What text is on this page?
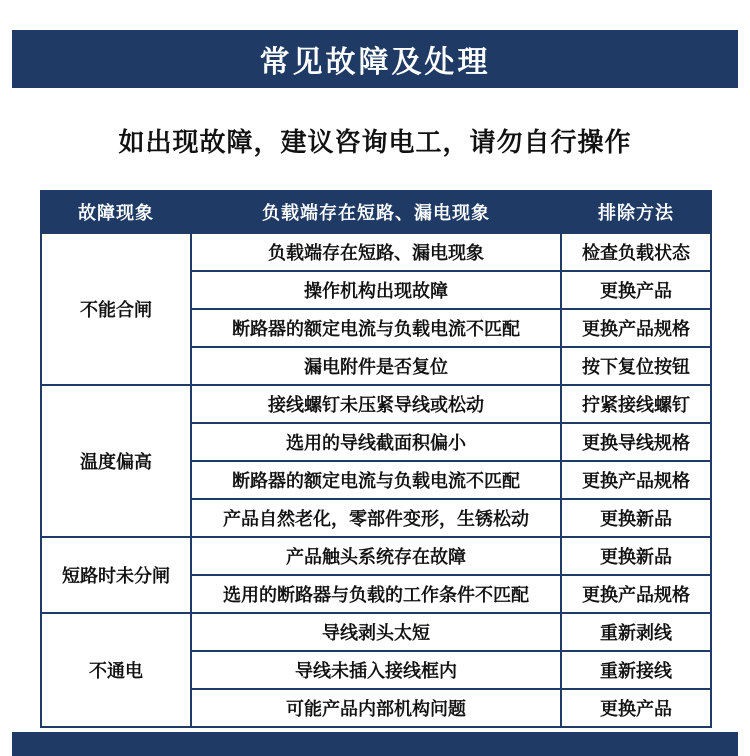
常见故障及处理
如出现故障，建议咨询电工，请勿自行操作
故障现象	负载端存在短路、漏电现象	排除方法
不能合闸	负载端存在短路、漏电现象	检查负载状态
	操作机构出现故障	更换产品
	断路器的额定电流与负载电流不匹配	更换产品规格
	漏电附件是否复位	按下复位按钮
温度偏高	接线螺钉未压紧导线或松动	拧紧接线螺钉
	选用的导线截面积偏小	更换导线规格
	断路器的额定电流与负载电流不匹配	更换产品规格
	产品自然老化，零部件变形，生锈松动	更换新品
短路时未分闸	产品触头系统存在故障	更换新品
	选用的断路器与负载的工作条件不匹配	更换产品规格
不通电	导线剥头太短	重新剥线
	导线未插入接线框内	重新接线
	可能产品内部机构问题	更换产品
